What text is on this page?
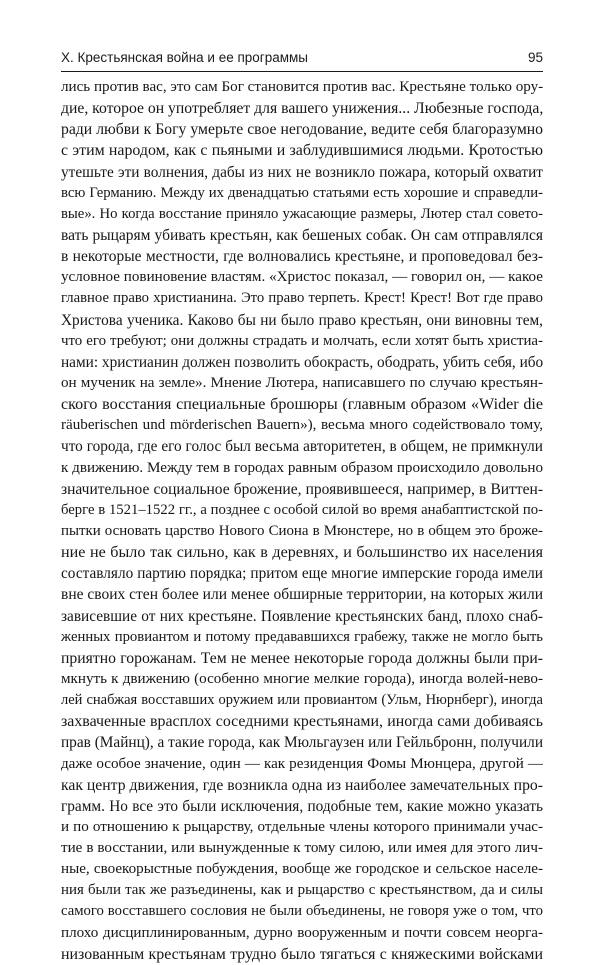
X. Крестьянская война и ее программы	95
лись против вас, это сам Бог становится против вас. Крестьяне только ору-
дие, которое он употребляет для вашего унижения... Любезные господа,
ради любви к Богу умерьте свое негодование, ведите себя благоразумно
с этим народом, как с пьяными и заблудившимися людьми. Кротостью
утешьте эти волнения, дабы из них не возникло пожара, который охватит
всю Германию. Между их двенадцатью статьями есть хорошие и справедли-
вые». Но когда восстание приняло ужасающие размеры, Лютер стал совето-
вать рыцарям убивать крестьян, как бешеных собак. Он сам отправлялся
в некоторые местности, где волновались крестьяне, и проповедовал без-
условное повиновение властям. «Христос показал, — говорил он, — какое
главное право христианина. Это право терпеть. Крест! Крест! Вот где право
Христова ученика. Каково бы ни было право крестьян, они виновны тем,
что его требуют; они должны страдать и молчать, если хотят быть христиа-
нами: христианин должен позволить обокрасть, ободрать, убить себя, ибо
он мученик на земле». Мнение Лютера, написавшего по случаю крестьян-
ского восстания специальные брошюры (главным образом «Wider die
räuberischen und mörderischen Bauern»), весьма много содействовало тому,
что города, где его голос был весьма авторитетен, в общем, не примкнули
к движению. Между тем в городах равным образом происходило довольно
значительное социальное брожение, проявившееся, например, в Виттен-
берге в 1521–1522 гг., а позднее с особой силой во время анабаптистской по-
пытки основать царство Нового Сиона в Мюнстере, но в общем это броже-
ние не было так сильно, как в деревнях, и большинство их населения
составляло партию порядка; притом еще многие имперские города имели
вне своих стен более или менее обширные территории, на которых жили
зависевшие от них крестьяне. Появление крестьянских банд, плохо снаб-
женных провиантом и потому предававшихся грабежу, также не могло быть
приятно горожанам. Тем не менее некоторые города должны были при-
мкнуть к движению (особенно многие мелкие города), иногда волей-нево-
лей снабжая восставших оружием или провиантом (Ульм, Нюрнберг), иногда
захваченные врасплох соседними крестьянами, иногда сами добиваясь
прав (Майнц), а такие города, как Мюльгаузен или Гейльбронн, получили
даже особое значение, один — как резиденция Фомы Мюнцера, другой —
как центр движения, где возникла одна из наиболее замечательных про-
грамм. Но все это были исключения, подобные тем, какие можно указать
и по отношению к рыцарству, отдельные члены которого принимали учас-
тие в восстании, или вынужденные к тому силою, или имея для этого лич-
ные, своекорыстные побуждения, вообще же городское и сельское населе-
ния были так же разъединены, как и рыцарство с крестьянством, да и силы
самого восставшего сословия не были объединены, не говоря уже о том, что
плохо дисциплинированным, дурно вооруженным и почти совсем неорга-
низованным крестьянам трудно было тягаться с княжескими войсками
